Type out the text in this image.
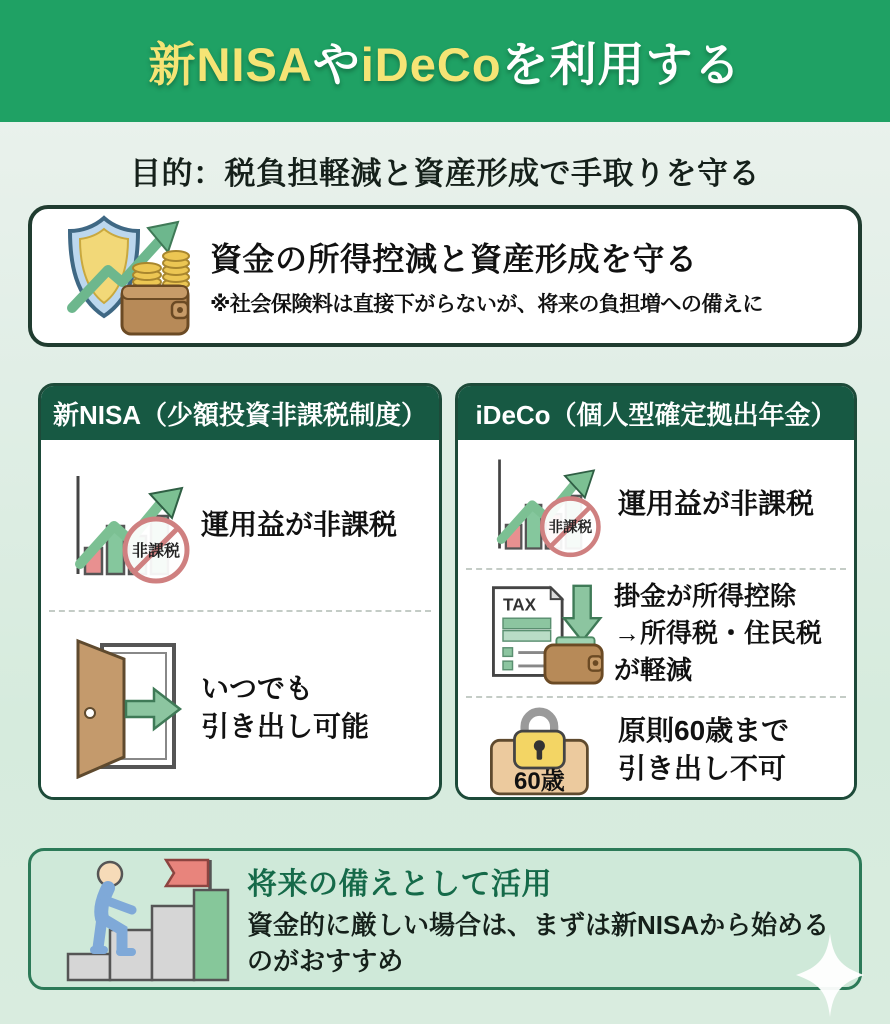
新NISAやiDeCoを利用する
目的：税負担軽減と資産形成で手取りを守る
資金の所得控減と資産形成を守る
※社会保険料は直接下がらないが、将来の負担増への備えに
新NISA（少額投資非課税制度）
非課税
運用益が非課税
いつでも
引き出し可能
iDeCo（個人型確定拠出年金）
非課税
運用益が非課税
TAX	掛金が所得控除
→所得税・住民税
が軽減
60歳
原則60歳まで
引き出し不可
将来の備えとして活用
資金的に厳しい場合は、まずは新NISAから始める
のがおすすめ
